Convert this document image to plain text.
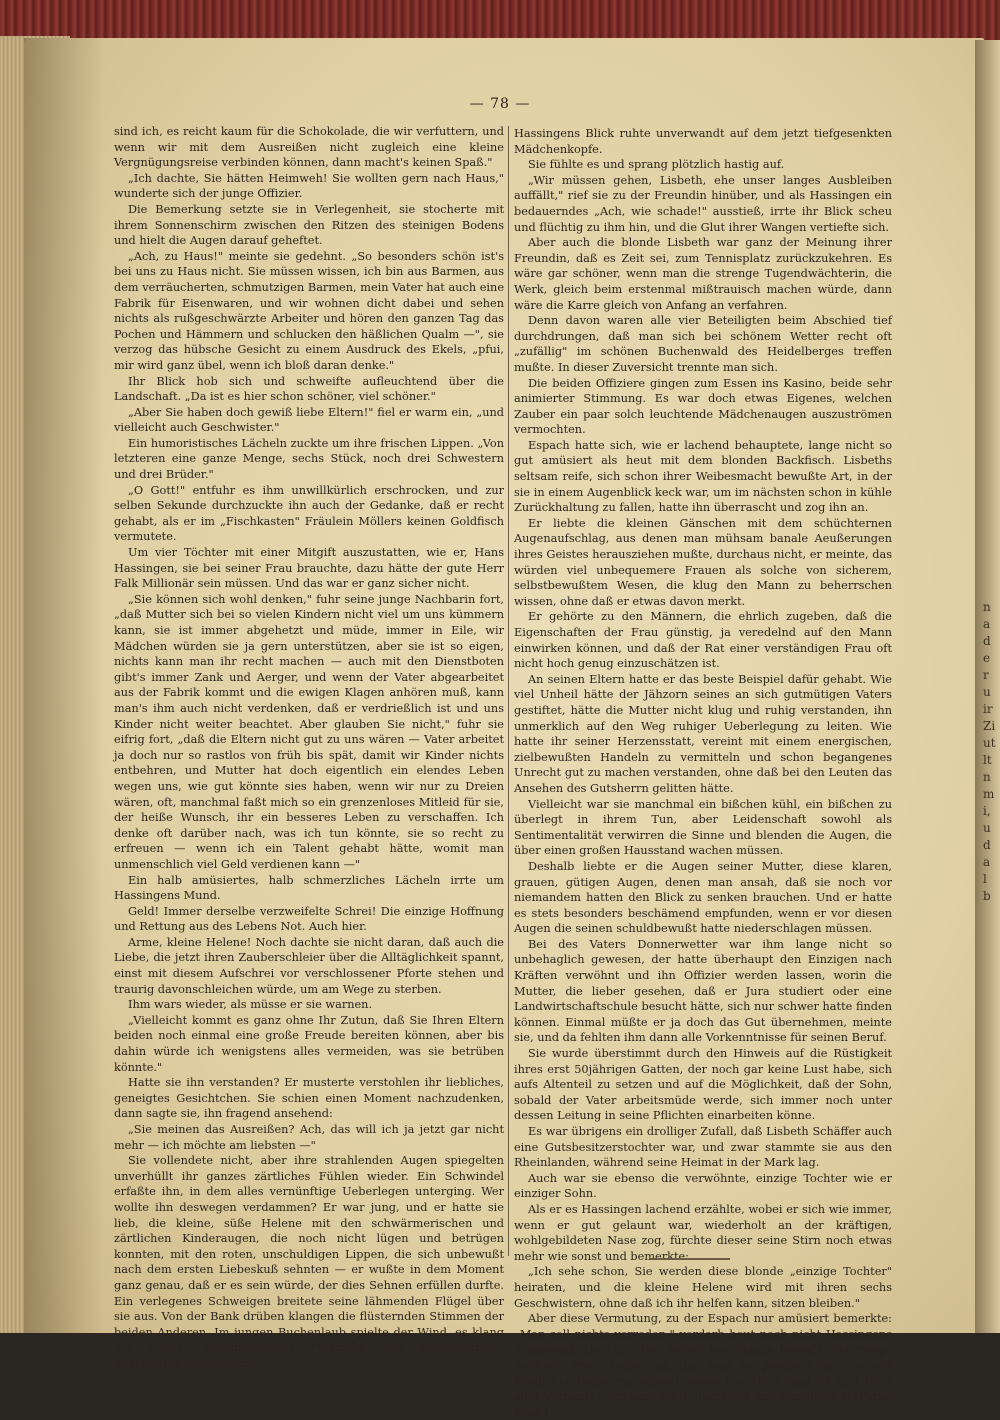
n
a
d
e
r
u
ir
Zi
ut
lt
n
m
i,
u
d
a
l
b
— 78 —

sind ich, es reicht kaum für die Schokolade, die wir verfuttern, und wenn wir mit dem Ausreißen nicht zugleich eine kleine Vergnügungsreise verbinden können, dann macht's keinen Spaß."

„Ich dachte, Sie hätten Heimweh! Sie wollten gern nach Haus," wunderte sich der junge Offizier.

Die Bemerkung setzte sie in Verlegenheit, sie stocherte mit ihrem Sonnenschirm zwischen den Ritzen des steinigen Bodens und hielt die Augen darauf geheftet.

„Ach, zu Haus!" meinte sie gedehnt. „So besonders schön ist's bei uns zu Haus nicht. Sie müssen wissen, ich bin aus Barmen, aus dem verräucherten, schmutzigen Barmen, mein Vater hat auch eine Fabrik für Eisenwaren, und wir wohnen dicht dabei und sehen nichts als rußgeschwärzte Arbeiter und hören den ganzen Tag das Pochen und Hämmern und schlucken den häßlichen Qualm —", sie verzog das hübsche Gesicht zu einem Ausdruck des Ekels, „pfui, mir wird ganz übel, wenn ich bloß daran denke."

Ihr Blick hob sich und schweifte aufleuchtend über die Landschaft. „Da ist es hier schon schöner, viel schöner."

„Aber Sie haben doch gewiß liebe Eltern!" fiel er warm ein, „und vielleicht auch Geschwister."

Ein humoristisches Lächeln zuckte um ihre frischen Lippen. „Von letzteren eine ganze Menge, sechs Stück, noch drei Schwestern und drei Brüder."

„O Gott!" entfuhr es ihm unwillkürlich erschrocken, und zur selben Sekunde durchzuckte ihn auch der Gedanke, daß er recht gehabt, als er im „Fischkasten" Fräulein Möllers keinen Goldfisch vermutete.

Um vier Töchter mit einer Mitgift auszustatten, wie er, Hans Hassingen, sie bei seiner Frau brauchte, dazu hätte der gute Herr Falk Millionär sein müssen. Und das war er ganz sicher nicht.

„Sie können sich wohl denken," fuhr seine junge Nachbarin fort, „daß Mutter sich bei so vielen Kindern nicht viel um uns kümmern kann, sie ist immer abgehetzt und müde, immer in Eile, wir Mädchen würden sie ja gern unterstützen, aber sie ist so eigen, nichts kann man ihr recht machen — auch mit den Dienstboten gibt's immer Zank und Aerger, und wenn der Vater abgearbeitet aus der Fabrik kommt und die ewigen Klagen anhören muß, kann man's ihm auch nicht verdenken, daß er verdrießlich ist und uns Kinder nicht weiter beachtet. Aber glauben Sie nicht," fuhr sie eifrig fort, „daß die Eltern nicht gut zu uns wären — Vater arbeitet ja doch nur so rastlos von früh bis spät, damit wir Kinder nichts entbehren, und Mutter hat doch eigentlich ein elendes Leben wegen uns, wie gut könnte sies haben, wenn wir nur zu Dreien wären, oft, manchmal faßt mich so ein grenzenloses Mitleid für sie, der heiße Wunsch, ihr ein besseres Leben zu verschaffen. Ich denke oft darüber nach, was ich tun könnte, sie so recht zu erfreuen — wenn ich ein Talent gehabt hätte, womit man unmenschlich viel Geld verdienen kann —"

Ein halb amüsiertes, halb schmerzliches Lächeln irrte um Hassingens Mund.

Geld! Immer derselbe verzweifelte Schrei! Die einzige Hoffnung und Rettung aus des Lebens Not. Auch hier.

Arme, kleine Helene! Noch dachte sie nicht daran, daß auch die Liebe, die jetzt ihren Zauberschleier über die Alltäglichkeit spannt, einst mit diesem Aufschrei vor verschlossener Pforte stehen und traurig davonschleichen würde, um am Wege zu sterben.

Ihm wars wieder, als müsse er sie warnen.

„Vielleicht kommt es ganz ohne Ihr Zutun, daß Sie Ihren Eltern beiden noch einmal eine große Freude bereiten können, aber bis dahin würde ich wenigstens alles vermeiden, was sie betrüben könnte."

Hatte sie ihn verstanden? Er musterte verstohlen ihr liebliches, geneigtes Gesichtchen. Sie schien einen Moment nachzudenken, dann sagte sie, ihn fragend ansehend:

„Sie meinen das Ausreißen? Ach, das will ich ja jetzt gar nicht mehr — ich möchte am liebsten —"

Sie vollendete nicht, aber ihre strahlenden Augen spiegelten unverhüllt ihr ganzes zärtliches Fühlen wieder. Ein Schwindel erfaßte ihn, in dem alles vernünftige Ueberlegen unterging. Wer wollte ihn deswegen verdammen? Er war jung, und er hatte sie lieb, die kleine, süße Helene mit den schwärmerischen und zärtlichen Kinderaugen, die noch nicht lügen und betrügen konnten, mit den roten, unschuldigen Lippen, die sich unbewußt nach dem ersten Liebeskuß sehnten — er wußte in dem Moment ganz genau, daß er es sein würde, der dies Sehnen erfüllen durfte. Ein verlegenes Schweigen breitete seine lähmenden Flügel über sie aus. Von der Bank drüben klangen die flüsternden Stimmen der beiden Anderen. Im jungen Buchenlaub spielte der Wind, es klang wie leises, geheimnisvolles Murmeln, von zwitschernden Vogellauten unterbrochen.

Hassingens Blick ruhte unverwandt auf dem jetzt tiefgesenkten Mädchenkopfe.

Sie fühlte es und sprang plötzlich hastig auf.

„Wir müssen gehen, Lisbeth, ehe unser langes Ausbleiben auffällt," rief sie zu der Freundin hinüber, und als Hassingen ein bedauerndes „Ach, wie schade!" ausstieß, irrte ihr Blick scheu und flüchtig zu ihm hin, und die Glut ihrer Wangen vertiefte sich.

Aber auch die blonde Lisbeth war ganz der Meinung ihrer Freundin, daß es Zeit sei, zum Tennisplatz zurückzukehren. Es wäre gar schöner, wenn man die strenge Tugendwächterin, die Werk, gleich beim erstenmal mißtrauisch machen würde, dann wäre die Karre gleich von Anfang an verfahren.

Denn davon waren alle vier Beteiligten beim Abschied tief durchdrungen, daß man sich bei schönem Wetter recht oft „zufällig" im schönen Buchenwald des Heidelberges treffen mußte. In dieser Zuversicht trennte man sich.

Die beiden Offiziere gingen zum Essen ins Kasino, beide sehr animierter Stimmung. Es war doch etwas Eigenes, welchen Zauber ein paar solch leuchtende Mädchenaugen auszuströmen vermochten.

Espach hatte sich, wie er lachend behauptete, lange nicht so gut amüsiert als heut mit dem blonden Backfisch. Lisbeths seltsam reife, sich schon ihrer Weibesmacht bewußte Art, in der sie in einem Augenblick keck war, um im nächsten schon in kühle Zurückhaltung zu fallen, hatte ihn überrascht und zog ihn an.

Er liebte die kleinen Gänschen mit dem schüchternen Augenaufschlag, aus denen man mühsam banale Aeußerungen ihres Geistes herausziehen mußte, durchaus nicht, er meinte, das würden viel unbequemere Frauen als solche von sicherem, selbstbewußtem Wesen, die klug den Mann zu beherrschen wissen, ohne daß er etwas davon merkt.

Er gehörte zu den Männern, die ehrlich zugeben, daß die Eigenschaften der Frau günstig, ja veredelnd auf den Mann einwirken können, und daß der Rat einer verständigen Frau oft nicht hoch genug einzuschätzen ist.

An seinen Eltern hatte er das beste Beispiel dafür gehabt. Wie viel Unheil hätte der Jähzorn seines an sich gutmütigen Vaters gestiftet, hätte die Mutter nicht klug und ruhig verstanden, ihn unmerklich auf den Weg ruhiger Ueberlegung zu leiten. Wie hatte ihr seiner Herzensstatt, vereint mit einem energischen, zielbewußten Handeln zu vermitteln und schon begangenes Unrecht gut zu machen verstanden, ohne daß bei den Leuten das Ansehen des Gutsherrn gelitten hätte.

Vielleicht war sie manchmal ein bißchen kühl, ein bißchen zu überlegt in ihrem Tun, aber Leidenschaft sowohl als Sentimentalität verwirren die Sinne und blenden die Augen, die über einen großen Hausstand wachen müssen.

Deshalb liebte er die Augen seiner Mutter, diese klaren, grauen, gütigen Augen, denen man ansah, daß sie noch vor niemandem hatten den Blick zu senken brauchen. Und er hatte es stets besonders beschämend empfunden, wenn er vor diesen Augen die seinen schuldbewußt hatte niederschlagen müssen.

Bei des Vaters Donnerwetter war ihm lange nicht so unbehaglich gewesen, der hatte überhaupt den Einzigen nach Kräften verwöhnt und ihn Offizier werden lassen, worin die Mutter, die lieber gesehen, daß er Jura studiert oder eine Landwirtschaftschule besucht hätte, sich nur schwer hatte finden können. Einmal müßte er ja doch das Gut übernehmen, meinte sie, und da fehlten ihm dann alle Vorkenntnisse für seinen Beruf.

Sie wurde überstimmt durch den Hinweis auf die Rüstigkeit ihres erst 50jährigen Gatten, der noch gar keine Lust habe, sich aufs Altenteil zu setzen und auf die Möglichkeit, daß der Sohn, sobald der Vater arbeitsmüde werde, sich immer noch unter dessen Leitung in seine Pflichten einarbeiten könne.

Es war übrigens ein drolliger Zufall, daß Lisbeth Schäffer auch eine Gutsbesitzerstochter war, und zwar stammte sie aus den Rheinlanden, während seine Heimat in der Mark lag.

Auch war sie ebenso die verwöhnte, einzige Tochter wie er einziger Sohn.

Als er es Hassingen lachend erzählte, wobei er sich wie immer, wenn er gut gelaunt war, wiederholt an der kräftigen, wohlgebildeten Nase zog, fürchte dieser seine Stirn noch etwas mehr wie sonst und bemerkte:

„Ich sehe schon, Sie werden diese blonde „einzige Tochter" heiraten, und die kleine Helene wird mit ihren sechs Geschwistern, ohne daß ich ihr helfen kann, sitzen bleiben."

Aber diese Vermutung, zu der Espach nur amüsiert bemerkte: „Man soll nichts verreden," verdarb heut noch nicht Hassingens Stimmung, über der, ihm selber noch kaum bewußt, der rosige Schleier jener Liebe lag, die man so poetisch und so voll köstlicher Reize nur einmal, wenn das Herz jung ist und trotz aller Vernunft doch jung fühlt, durchlebt und durchleidet. (Forts. folgt.)
